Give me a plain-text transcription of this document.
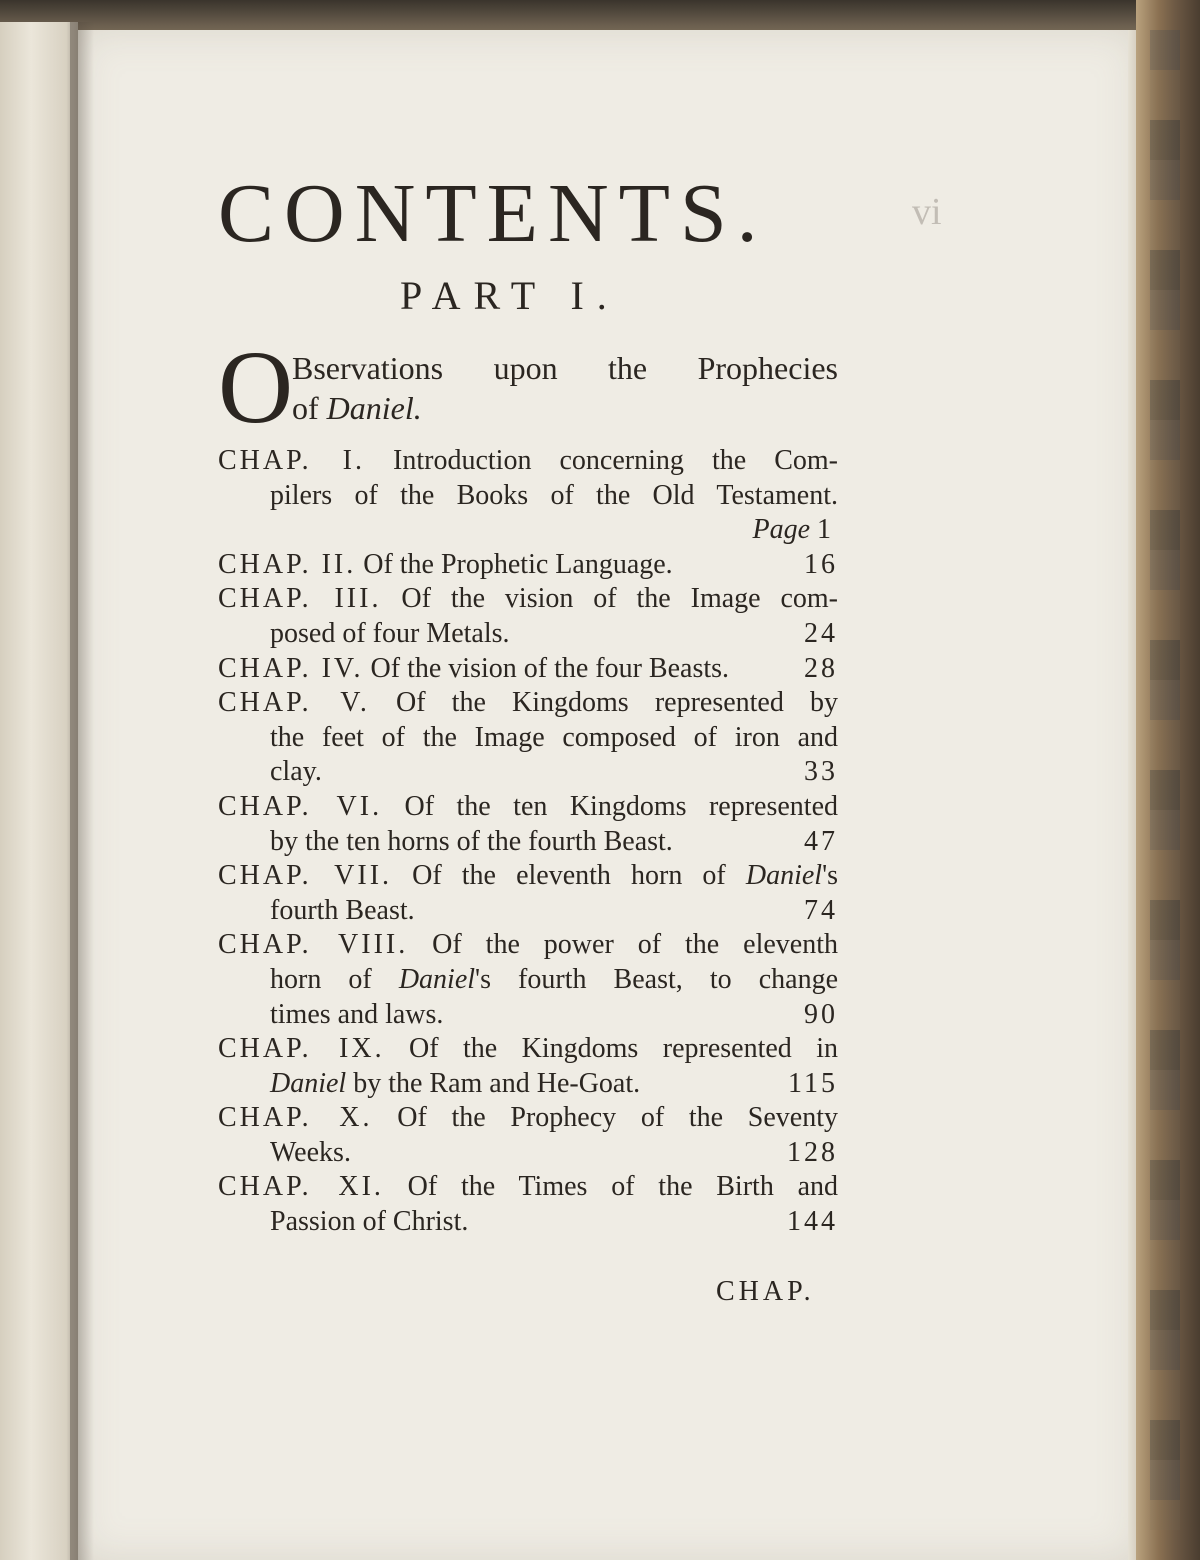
vi
CONTENTS.
PART I.
O
Bservations upon the Prophecies
of Daniel.
CHAP. I. Introduction concerning the Com-
pilers of the Books of the Old Testament.
Page 1
CHAP. II. Of the Prophetic Language.	16
CHAP. III. Of the vision of the Image com-
posed of four Metals.	24
CHAP. IV. Of the vision of the four Beasts.	28
CHAP. V. Of the Kingdoms represented by
the feet of the Image composed of iron and
clay.	33
CHAP. VI. Of the ten Kingdoms represented
by the ten horns of the fourth Beast.	47
CHAP. VII. Of the eleventh horn of Daniel's
fourth Beast.	74
CHAP. VIII. Of the power of the eleventh
horn of Daniel's fourth Beast, to change
times and laws.	90
CHAP. IX. Of the Kingdoms represented in
Daniel by the Ram and He-Goat.	115
CHAP. X. Of the Prophecy of the Seventy
Weeks.	128
CHAP. XI. Of the Times of the Birth and
Passion of Christ.	144
CHAP.
